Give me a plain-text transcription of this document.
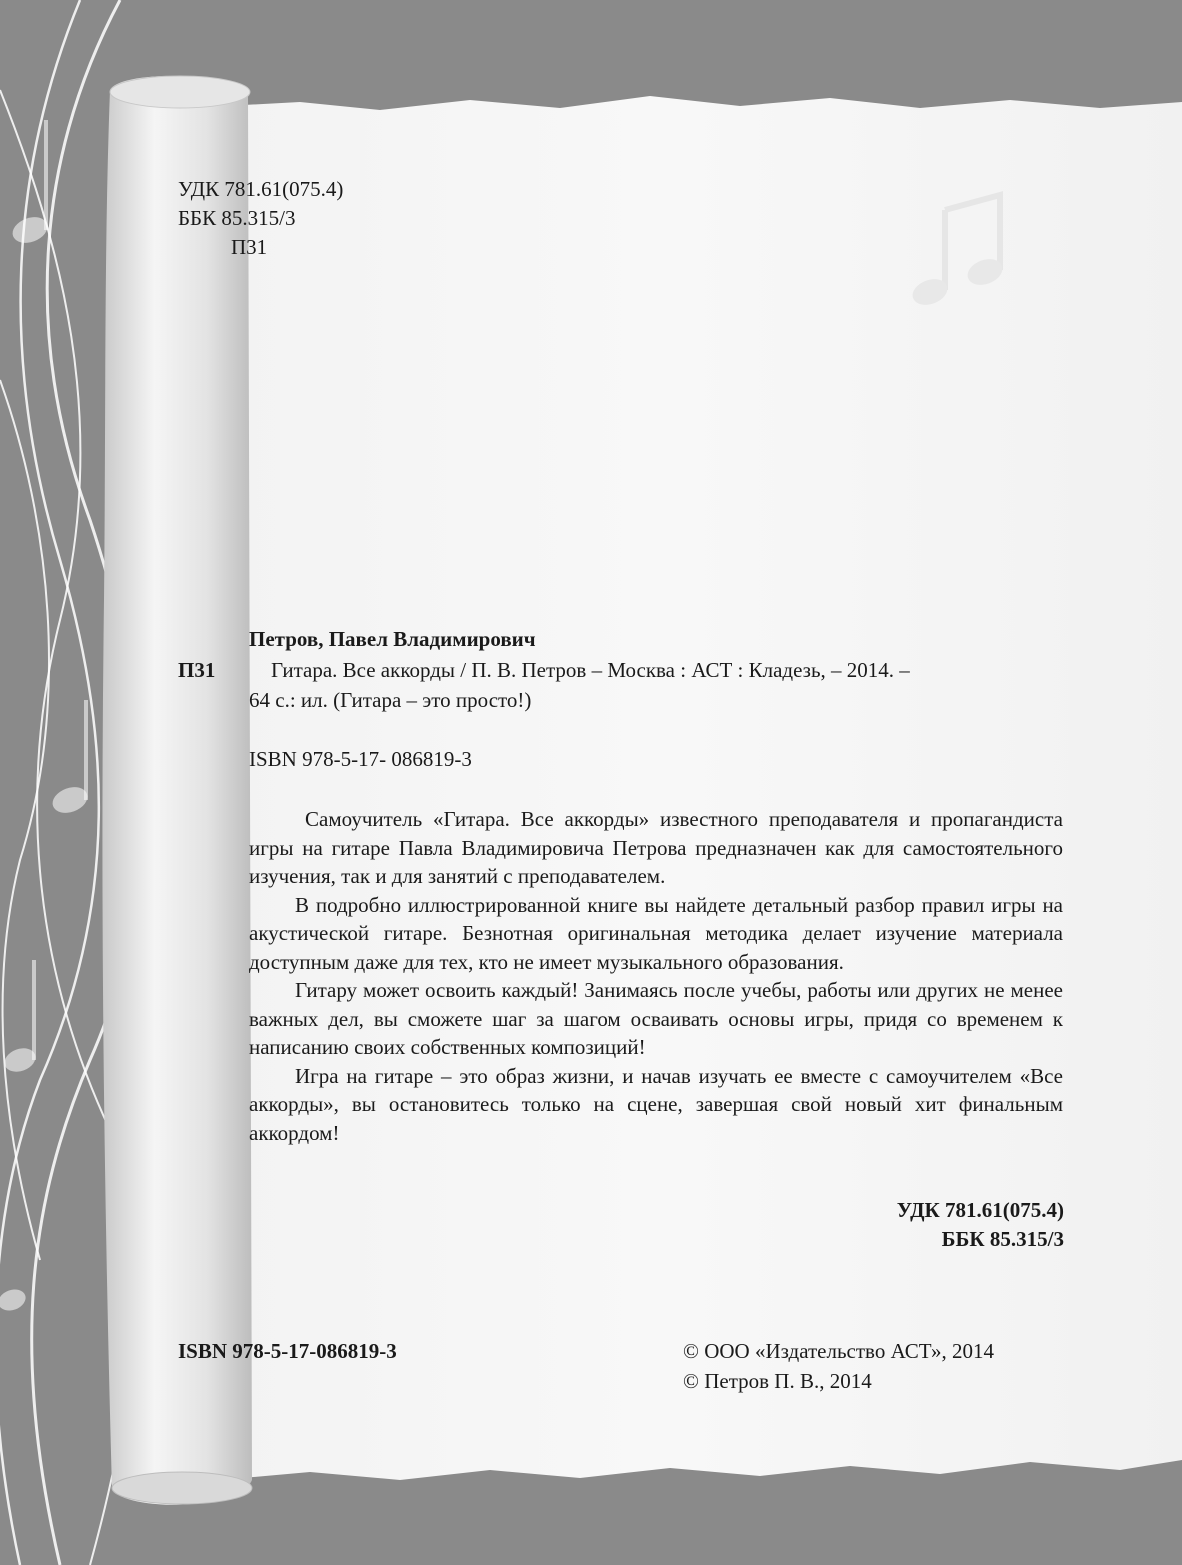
УДК 781.61(075.4)
ББК 85.315/3
П31
Петров, Павел Владимирович
П31	Гитара. Все аккорды / П. В. Петров – Москва : АСТ : Кладезь, – 2014. –
64 с.: ил. (Гитара – это просто!)
ISBN 978-5-17- 086819-3

Самоучитель «Гитара. Все аккорды» известного преподавателя и пропагандиста игры на гитаре Павла Владимировича Петрова предназначен как для самостоятельного изучения, так и для занятий с преподавателем.

В подробно иллюстрированной книге вы найдете детальный разбор правил игры на акустической гитаре. Безнотная оригинальная методика делает изучение материала доступным даже для тех, кто не имеет музыкального образования.

Гитару может освоить каждый! Занимаясь после учебы, работы или других не менее важных дел, вы сможете шаг за шагом осваивать основы игры, придя со временем к написанию своих собственных композиций!

Игра на гитаре – это образ жизни, и начав изучать ее вместе с самоучителем «Все аккорды», вы остановитесь только на сцене, завершая свой новый хит финальным аккордом!

УДК 781.61(075.4)
ББК 85.315/3
ISBN 978-5-17-086819-3	© ООО «Издательство АСТ», 2014
© Петров П. В., 2014
